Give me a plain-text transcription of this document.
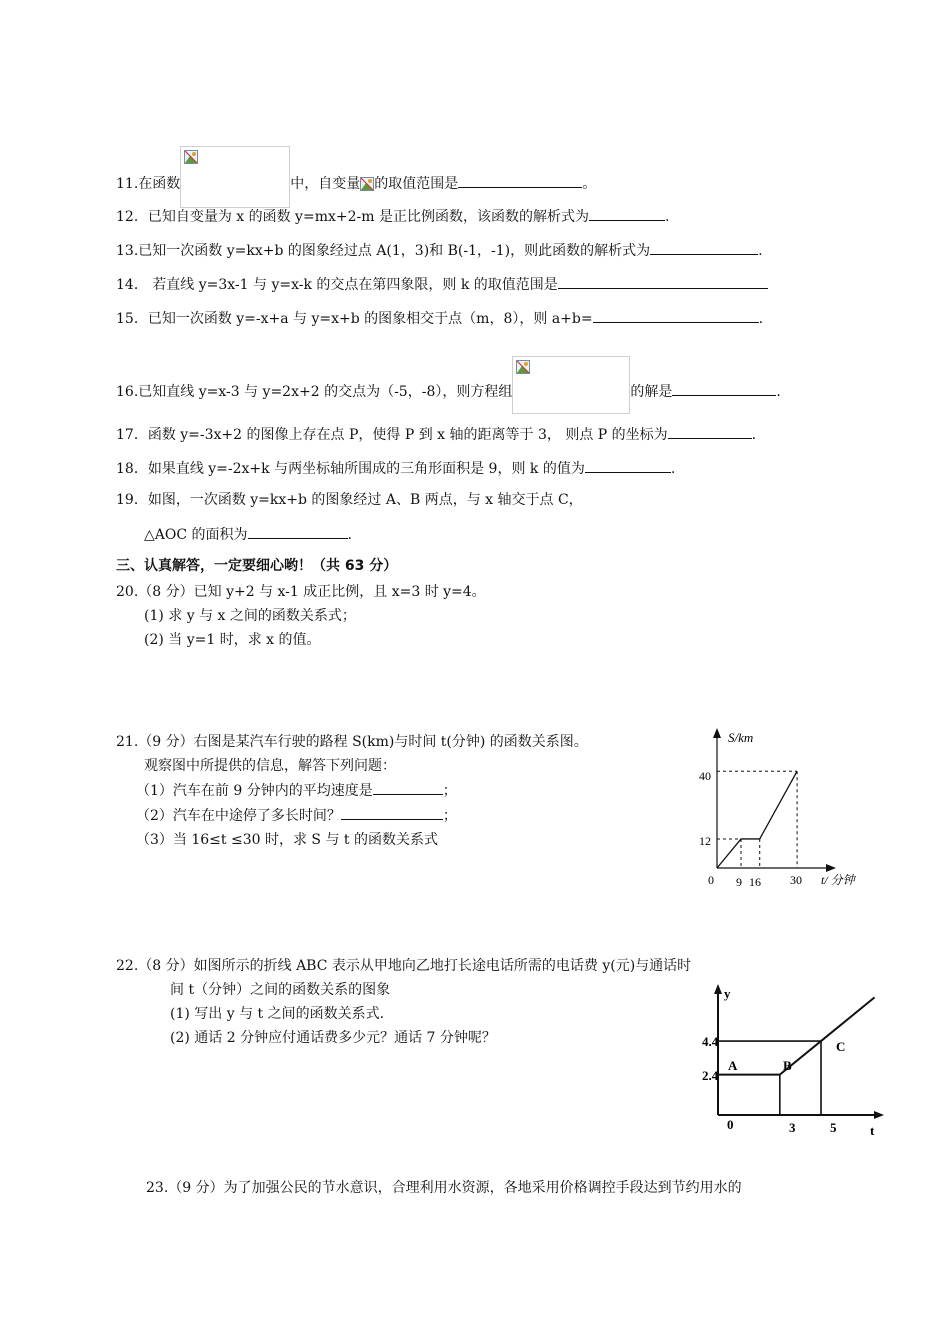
11.在函数	中，自变量 的取值范围是	。
12．已知自变量为 x 的函数 y=mx+2-m 是正比例函数，该函数的解析式为	.
13.已知一次函数 y=kx+b 的图象经过点 A(1，3)和 B(-1，-1)，则此函数的解析式为	.
14． 若直线 y=3x-1 与 y=x-k 的交点在第四象限，则 k 的取值范围是
15．已知一次函数 y=-x+a 与 y=x+b 的图象相交于点（m，8），则 a+b=	.
16.已知直线 y=x-3 与 y=2x+2 的交点为（-5，-8），则方程组	的解是	.
17．函数 y=-3x+2 的图像上存在点 P，使得 P 到 x 轴的距离等于 3， 则点 P 的坐标为	.
18．如果直线 y=-2x+k 与两坐标轴所围成的三角形面积是 9，则 k 的值为	.
19．如图，一次函数 y=kx+b 的图象经过 A、B 两点，与 x 轴交于点 C，
△AOC 的面积为	.
三、认真解答，一定要细心哟！（共 63 分）
20.（8 分）已知 y+2 与 x-1 成正比例，且 x=3 时 y=4。
(1) 求 y 与 x 之间的函数关系式；
(2) 当 y=1 时，求 x 的值。
21.（9 分）右图是某汽车行驶的路程 S(km)与时间 t(分钟) 的函数关系图。
观察图中所提供的信息，解答下列问题：
（1）汽车在前 9 分钟内的平均速度是	；
（2）汽车在中途停了多长时间？	；
（3）当 16≤t ≤30 时，求 S 与 t 的函数关系式
S/km
40
12
0 9 16 30 t/ 分钟
22.（8 分）如图所示的折线 ABC 表示从甲地向乙地打长途电话所需的电话费 y(元)与通话时
间 t（分钟）之间的函数关系的图象
(1) 写出 y 与 t 之间的函数关系式.
(2) 通话 2 分钟应付通话费多少元？通话 7 分钟呢？
y
4.4
2.4
A	B
C
0	3	5	t
23.（9 分）为了加强公民的节水意识，合理利用水资源，各地采用价格调控手段达到节约用水的
